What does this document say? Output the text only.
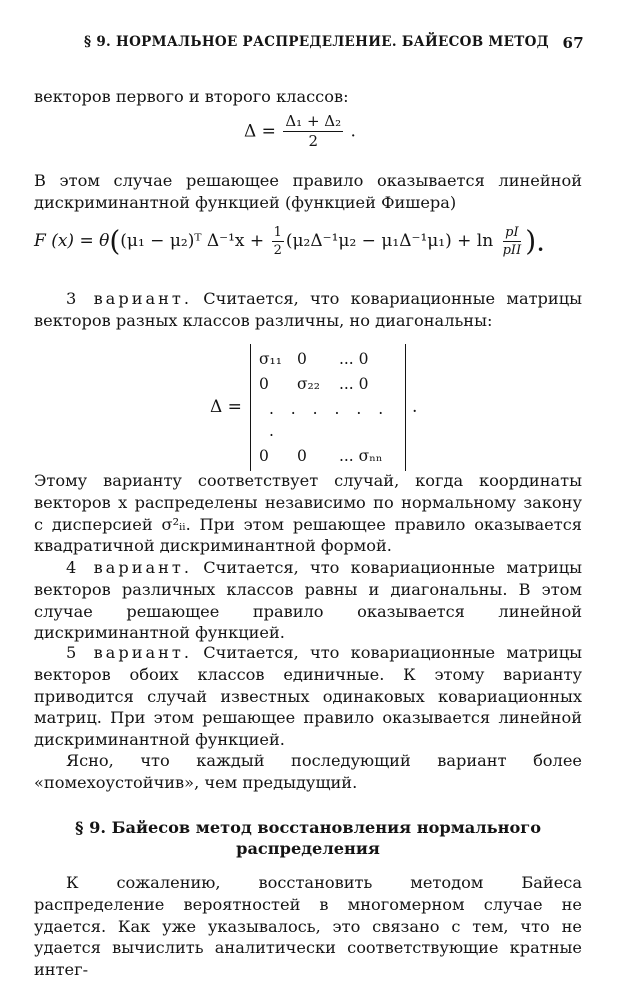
§ 9. НОРМАЛЬНОЕ РАСПРЕДЕЛЕНИЕ. БАЙЕСОВ МЕТОД 67
векторов первого и второго классов:
$\Delta = \frac{\text{Δ₁ + Δ₂}}{2}$ .
В этом случае решающее правило оказывается линейной дискриминантной функцией (функцией Фишера)
F (x) = θ((μ₁ − μ₂)ᵀ $\Delta^{-1}x + \frac{1}{2} (\mu_2\Delta^{-1}\mu_2 - \mu_1\Delta^{-1}\mu_1) + \ln \frac{pI}{\text{pII}}$ ).
3 вариант. Считается, что ковариационные матрицы векторов разных классов различны, но диагональны:
Δ =
σ₁₁ 0	... 0
0	σ₂₂	... 0
. . . . . . .
0	0	... σₙₙ
.
Этому варианту соответствует случай, когда координаты векторов x распределены независимо по нормальному закону с дисперсией σ²ᵢᵢ. При этом решающее правило оказывается квадратичной дискриминантной формой.
4 вариант. Считается, что ковариационные матрицы векторов различных классов равны и диагональны. В этом случае решающее правило оказывается линейной дискриминантной функцией.
5 вариант. Считается, что ковариационные матрицы векторов обоих классов единичные. К этому варианту приводится случай известных одинаковых ковариационных матриц. При этом решающее правило оказывается линейной дискриминантной функцией.
Ясно, что каждый последующий вариант более «помехоустойчив», чем предыдущий.
§ 9. Байесов метод восстановления нормального
распределения
К сожалению, восстановить методом Байеса распределение вероятностей в многомерном случае не удается. Как уже указывалось, это связано с тем, что не удается вычислить аналитически соответствующие кратные интег-
